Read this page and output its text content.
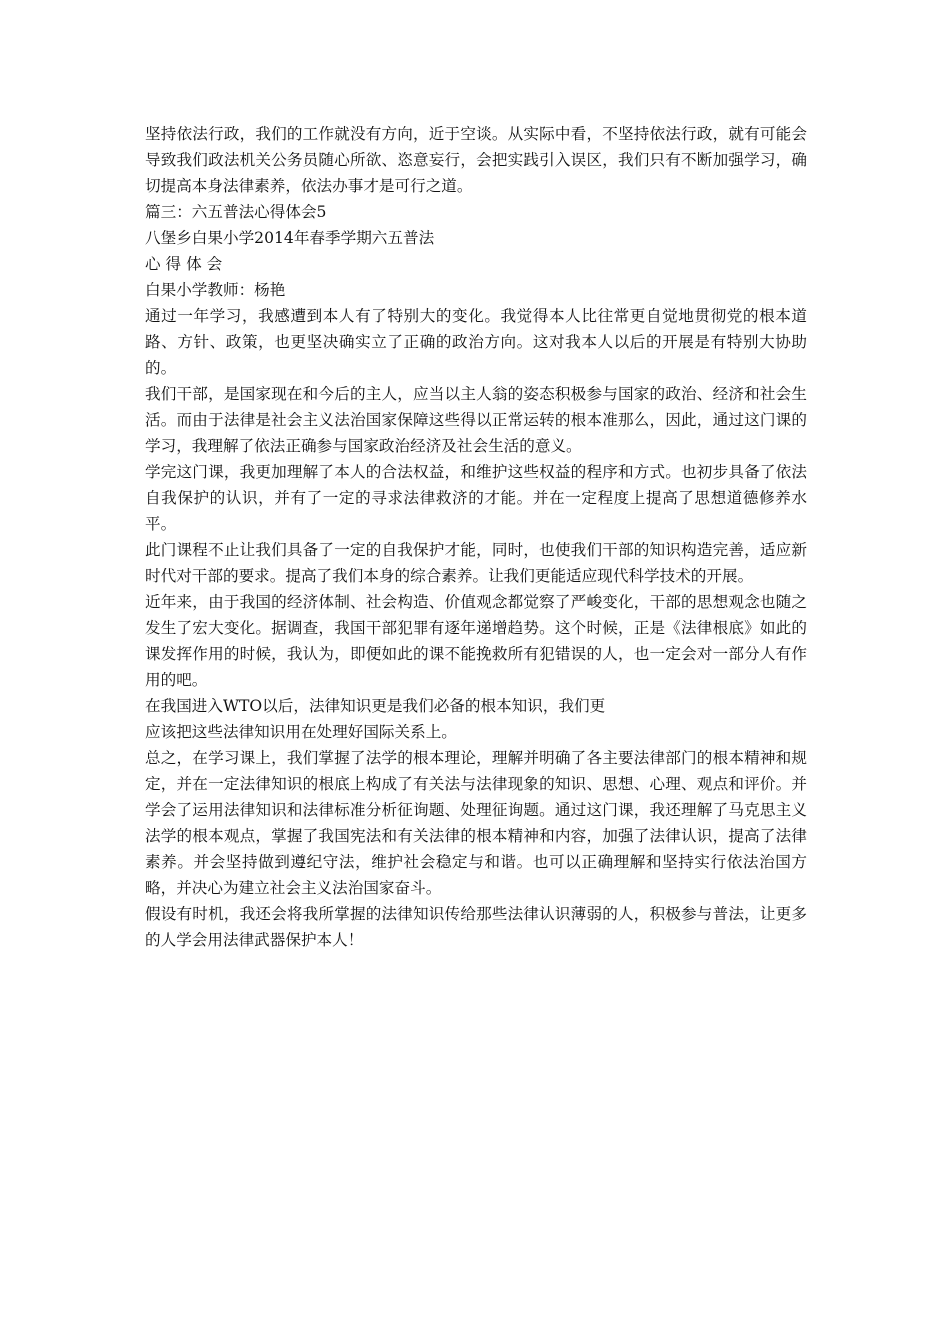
坚持依法行政，我们的工作就没有方向，近于空谈。从实际中看，不坚持依法行政，就有可能会导致我们政法机关公务员随心所欲、恣意妄行，会把实践引入误区，我们只有不断加强学习，确切提高本身法律素养，依法办事才是可行之道。

篇三：六五普法心得体会5

八堡乡白果小学2014年春季学期六五普法

心 得 体 会

白果小学教师：杨艳

通过一年学习，我感遭到本人有了特别大的变化。我觉得本人比往常更自觉地贯彻党的根本道路、方针、政策，也更坚决确实立了正确的政治方向。这对我本人以后的开展是有特别大协助的。

我们干部，是国家现在和今后的主人，应当以主人翁的姿态积极参与国家的政治、经济和社会生活。而由于法律是社会主义法治国家保障这些得以正常运转的根本准那么，因此，通过这门课的学习，我理解了依法正确参与国家政治经济及社会生活的意义。

学完这门课，我更加理解了本人的合法权益，和维护这些权益的程序和方式。也初步具备了依法自我保护的认识，并有了一定的寻求法律救济的才能。并在一定程度上提高了思想道德修养水平。

此门课程不止让我们具备了一定的自我保护才能，同时，也使我们干部的知识构造完善，适应新时代对干部的要求。提高了我们本身的综合素养。让我们更能适应现代科学技术的开展。

近年来，由于我国的经济体制、社会构造、价值观念都觉察了严峻变化，干部的思想观念也随之发生了宏大变化。据调查，我国干部犯罪有逐年递增趋势。这个时候，正是《法律根底》如此的课发挥作用的时候，我认为，即便如此的课不能挽救所有犯错误的人，也一定会对一部分人有作用的吧。

在我国进入WTO以后，法律知识更是我们必备的根本知识，我们更

应该把这些法律知识用在处理好国际关系上。

总之，在学习课上，我们掌握了法学的根本理论，理解并明确了各主要法律部门的根本精神和规定，并在一定法律知识的根底上构成了有关法与法律现象的知识、思想、心理、观点和评价。并学会了运用法律知识和法律标准分析征询题、处理征询题。通过这门课，我还理解了马克思主义法学的根本观点，掌握了我国宪法和有关法律的根本精神和内容，加强了法律认识，提高了法律素养。并会坚持做到遵纪守法，维护社会稳定与和谐。也可以正确理解和坚持实行依法治国方略，并决心为建立社会主义法治国家奋斗。

假设有时机，我还会将我所掌握的法律知识传给那些法律认识薄弱的人，积极参与普法，让更多的人学会用法律武器保护本人！
